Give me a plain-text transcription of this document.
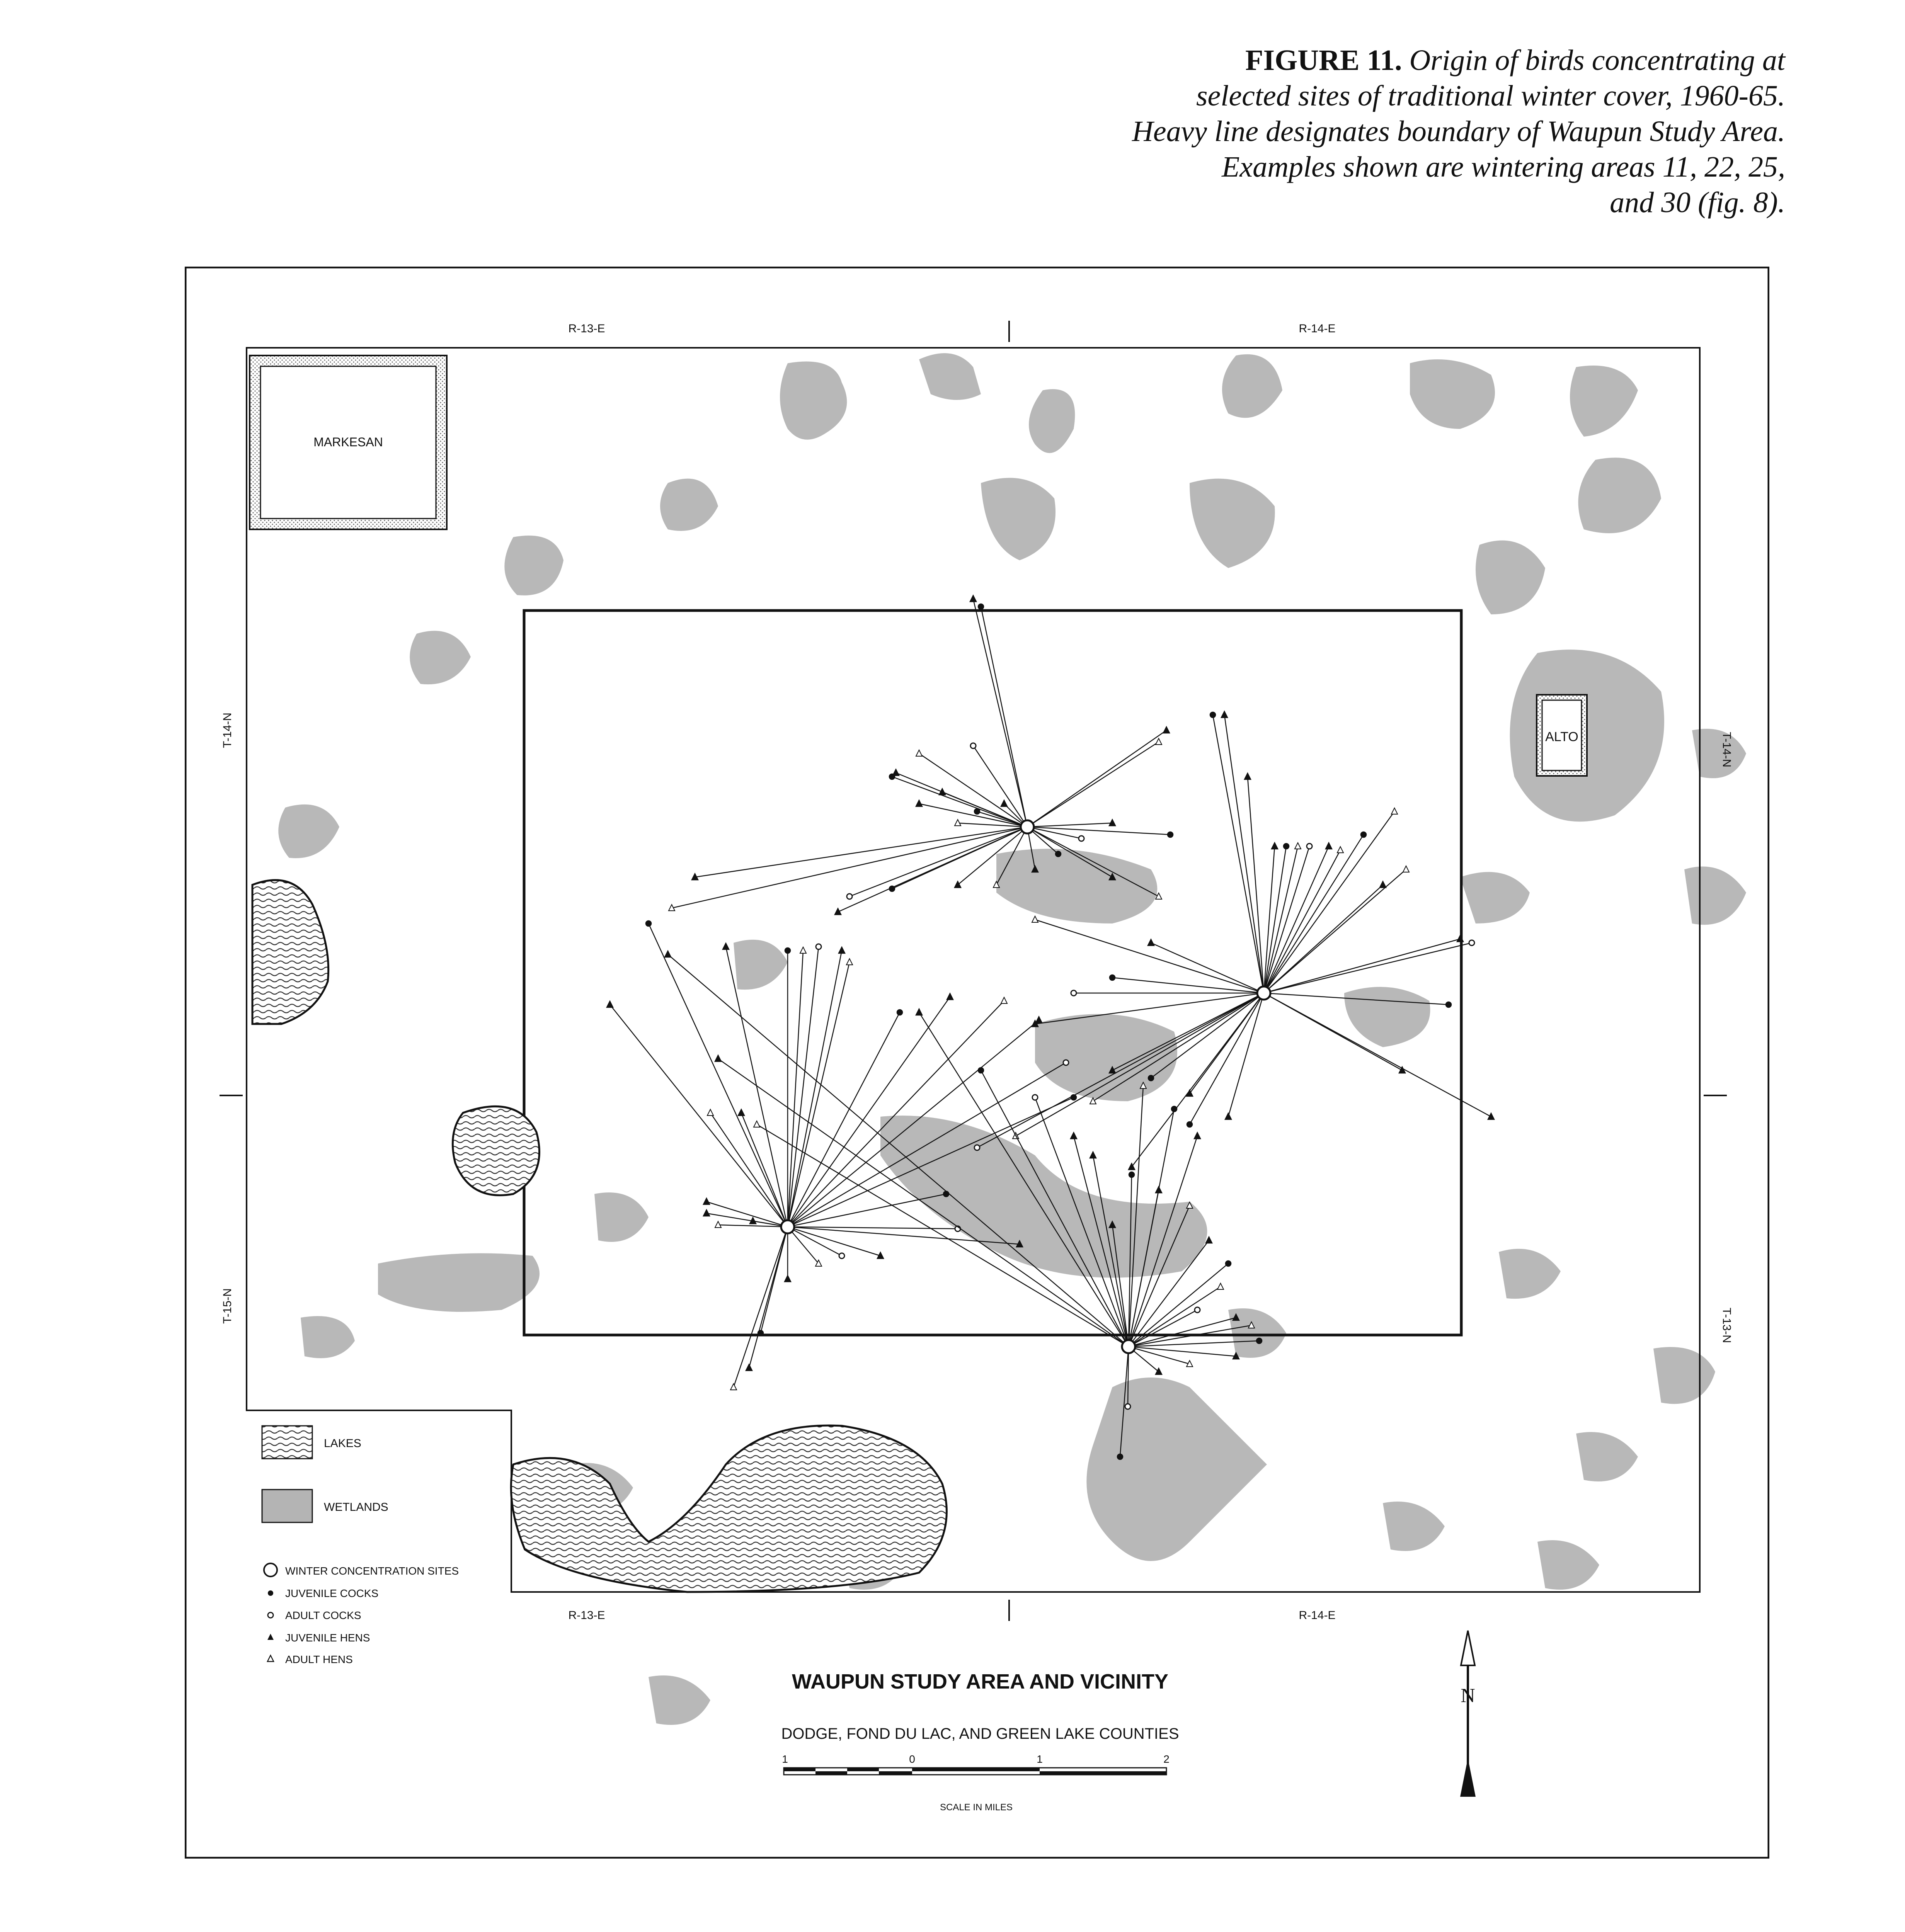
FIGURE 11. Origin of birds concentrating at
selected sites of traditional winter cover, 1960-65.
Heavy line designates boundary of Waupun Study Area.
Examples shown are wintering areas 11, 22, 25,
and 30 (fig. 8).
MARKESAN
ALTO
R-13-E	R-14-E
R-13-E	R-14-E
T-14-N
T-15-N
T-14-N
T-13-N
LAKES
WETLANDS
WINTER CONCENTRATION SITES
JUVENILE COCKS
ADULT COCKS
JUVENILE HENS
ADULT HENS
WAUPUN STUDY AREA AND VICINITY
DODGE, FOND DU LAC, AND GREEN LAKE COUNTIES
1	0	1	2
SCALE IN MILES
N
